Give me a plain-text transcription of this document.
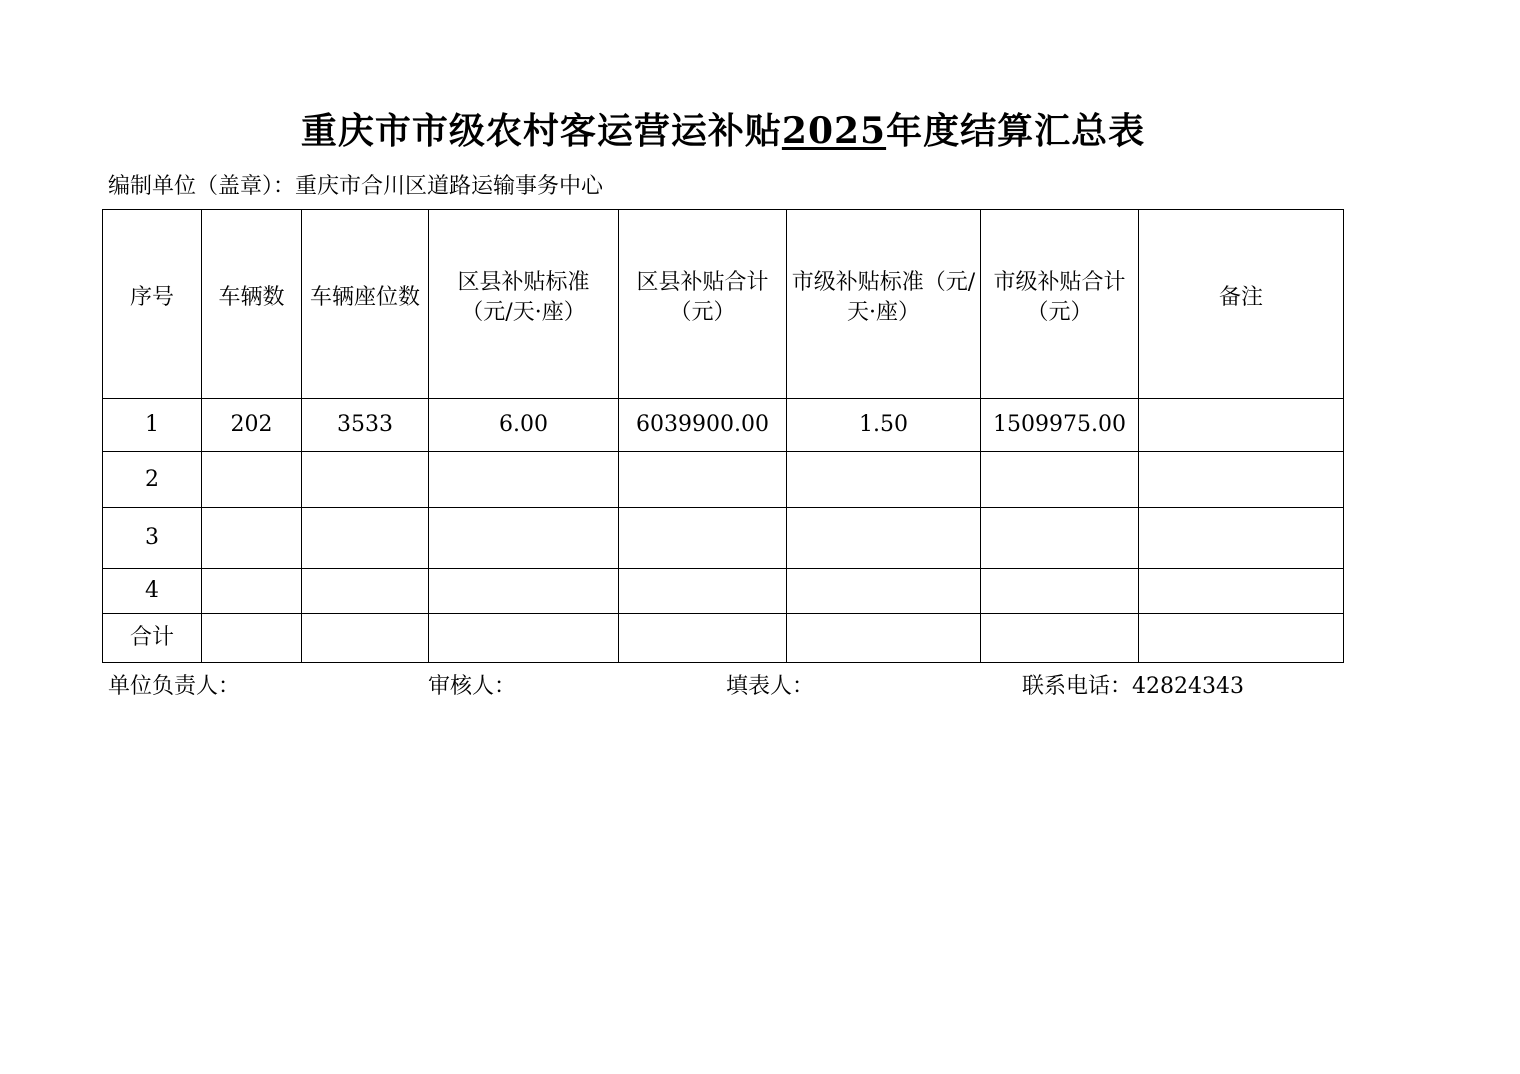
重庆市市级农村客运营运补贴2025年度结算汇总表
编制单位（盖章）：重庆市合川区道路运输事务中心
序号	车辆数	车辆座位数	区县补贴标准（元/天·座）	区县补贴合计（元）	市级补贴标准（元/天·座）	市级补贴合计（元）	备注
1	202	3533	6.00	6039900.00	1.50	1509975.00	
2							
3							
4							
合计							
单位负责人：	审核人：	填表人：	联系电话：42824343
